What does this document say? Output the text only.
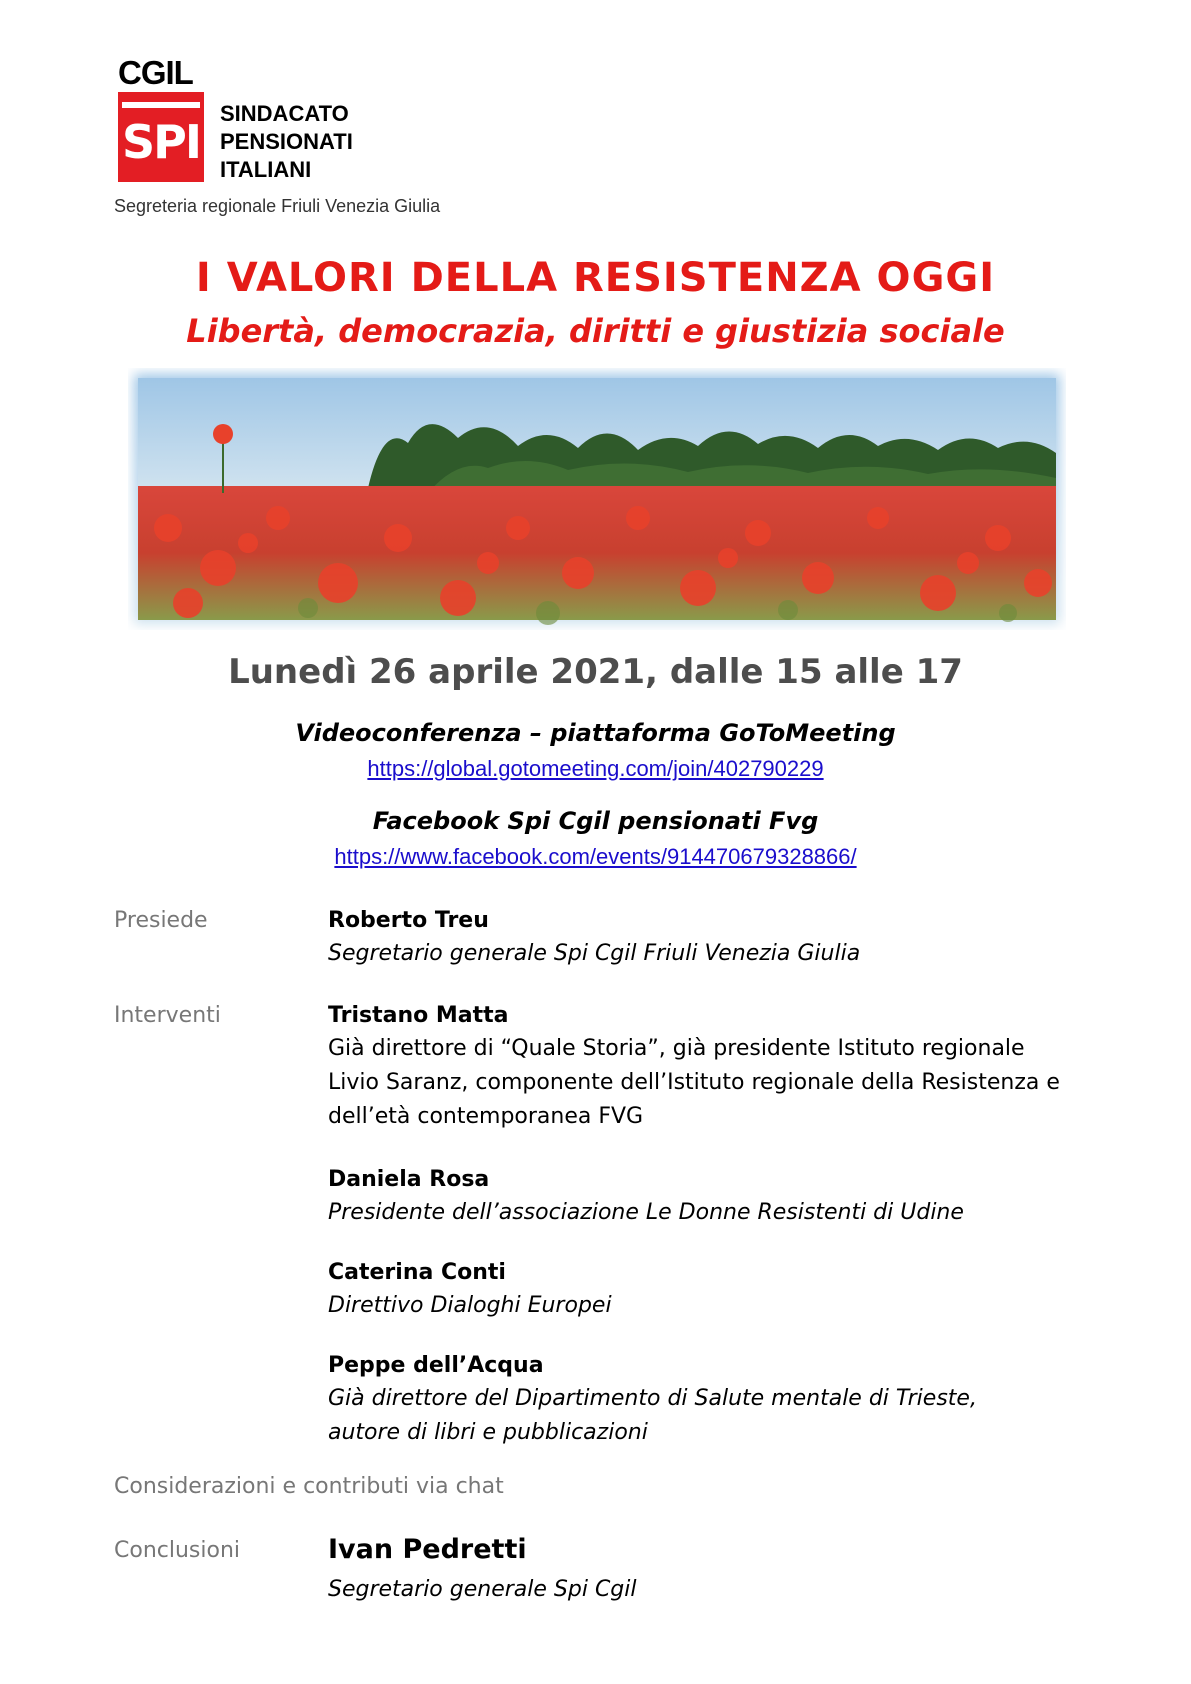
CGIL
SPI
SINDACATO
PENSIONATI
ITALIANI
Segreteria regionale Friuli Venezia Giulia
I VALORI DELLA RESISTENZA OGGI
Libertà, democrazia, diritti e giustizia sociale
Lunedì 26 aprile 2021, dalle 15 alle 17
Videoconferenza – piattaforma GoToMeeting
https://global.gotomeeting.com/join/402790229
Facebook Spi Cgil pensionati Fvg
https://www.facebook.com/events/914470679328866/
Presiede	Roberto Treu
Segretario generale Spi Cgil Friuli Venezia Giulia
Interventi	Tristano Matta
Già direttore di “Quale Storia”, già presidente Istituto regionale
Livio Saranz, componente dell’Istituto regionale della Resistenza e
dell’età contemporanea FVG
Daniela Rosa
Presidente dell’associazione Le Donne Resistenti di Udine
Caterina Conti
Direttivo Dialoghi Europei
Peppe dell’Acqua
Già direttore del Dipartimento di Salute mentale di Trieste,
autore di libri e pubblicazioni
Considerazioni e contributi via chat
Conclusioni	Ivan Pedretti
Segretario generale Spi Cgil
